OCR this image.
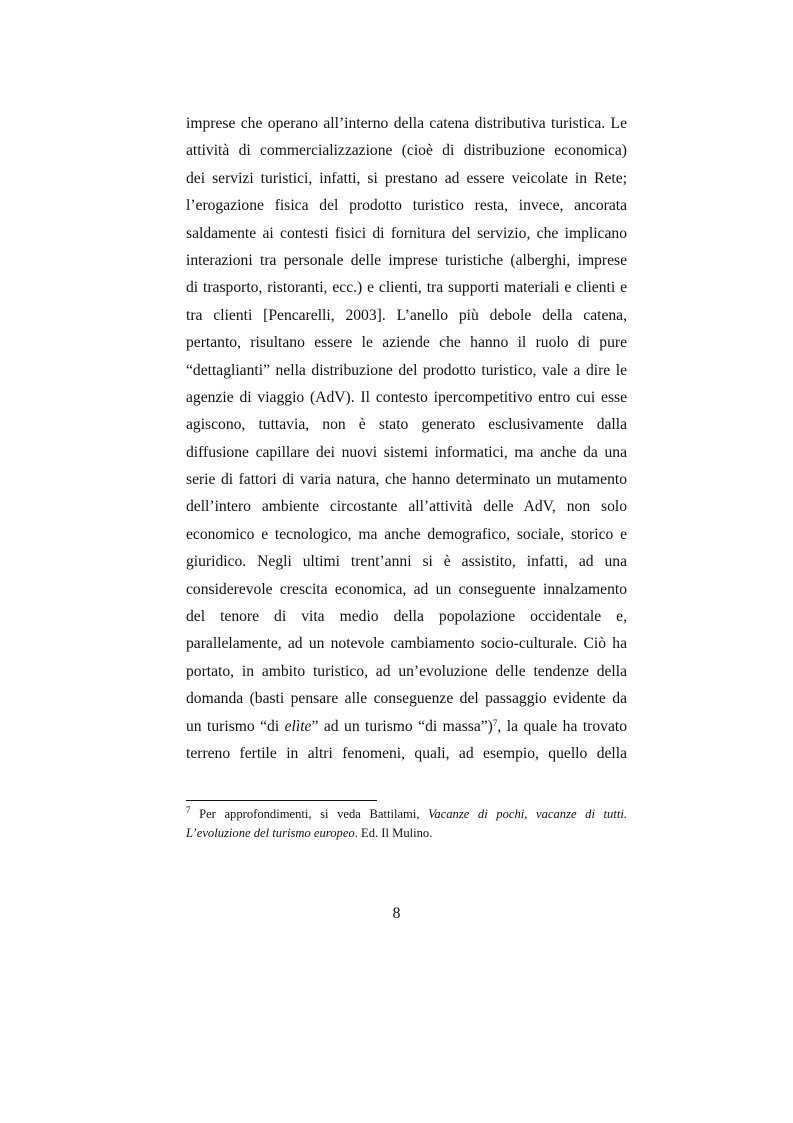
imprese che operano all’interno della catena distributiva turistica. Le
attività di commercializzazione (cioè di distribuzione economica)
dei servizi turistici, infatti, si prestano ad essere veicolate in Rete;
l’erogazione fisica del prodotto turistico resta, invece, ancorata
saldamente ai contesti fisici di fornitura del servizio, che implicano
interazioni tra personale delle imprese turistiche (alberghi, imprese
di trasporto, ristoranti, ecc.) e clienti, tra supporti materiali e clienti e
tra clienti [Pencarelli, 2003]. L’anello più debole della catena,
pertanto, risultano essere le aziende che hanno il ruolo di pure
“dettaglianti” nella distribuzione del prodotto turistico, vale a dire le
agenzie di viaggio (AdV). Il contesto ipercompetitivo entro cui esse
agiscono, tuttavia, non è stato generato esclusivamente dalla
diffusione capillare dei nuovi sistemi informatici, ma anche da una
serie di fattori di varia natura, che hanno determinato un mutamento
dell’intero ambiente circostante all’attività delle AdV, non solo
economico e tecnologico, ma anche demografico, sociale, storico e
giuridico. Negli ultimi trent’anni si è assistito, infatti, ad una
considerevole crescita economica, ad un conseguente innalzamento
del tenore di vita medio della popolazione occidentale e,
parallelamente, ad un notevole cambiamento socio-culturale. Ciò ha
portato, in ambito turistico, ad un’evoluzione delle tendenze della
domanda (basti pensare alle conseguenze del passaggio evidente da
un turismo “di elìte” ad un turismo “di massa”)$^7$, la quale ha trovato
terreno fertile in altri fenomeni, quali, ad esempio, quello della
$^7$ Per approfondimenti, si veda Battilami, Vacanze di pochi, vacanze di tutti.
L’evoluzione del turismo europeo. Ed. Il Mulino.
8
